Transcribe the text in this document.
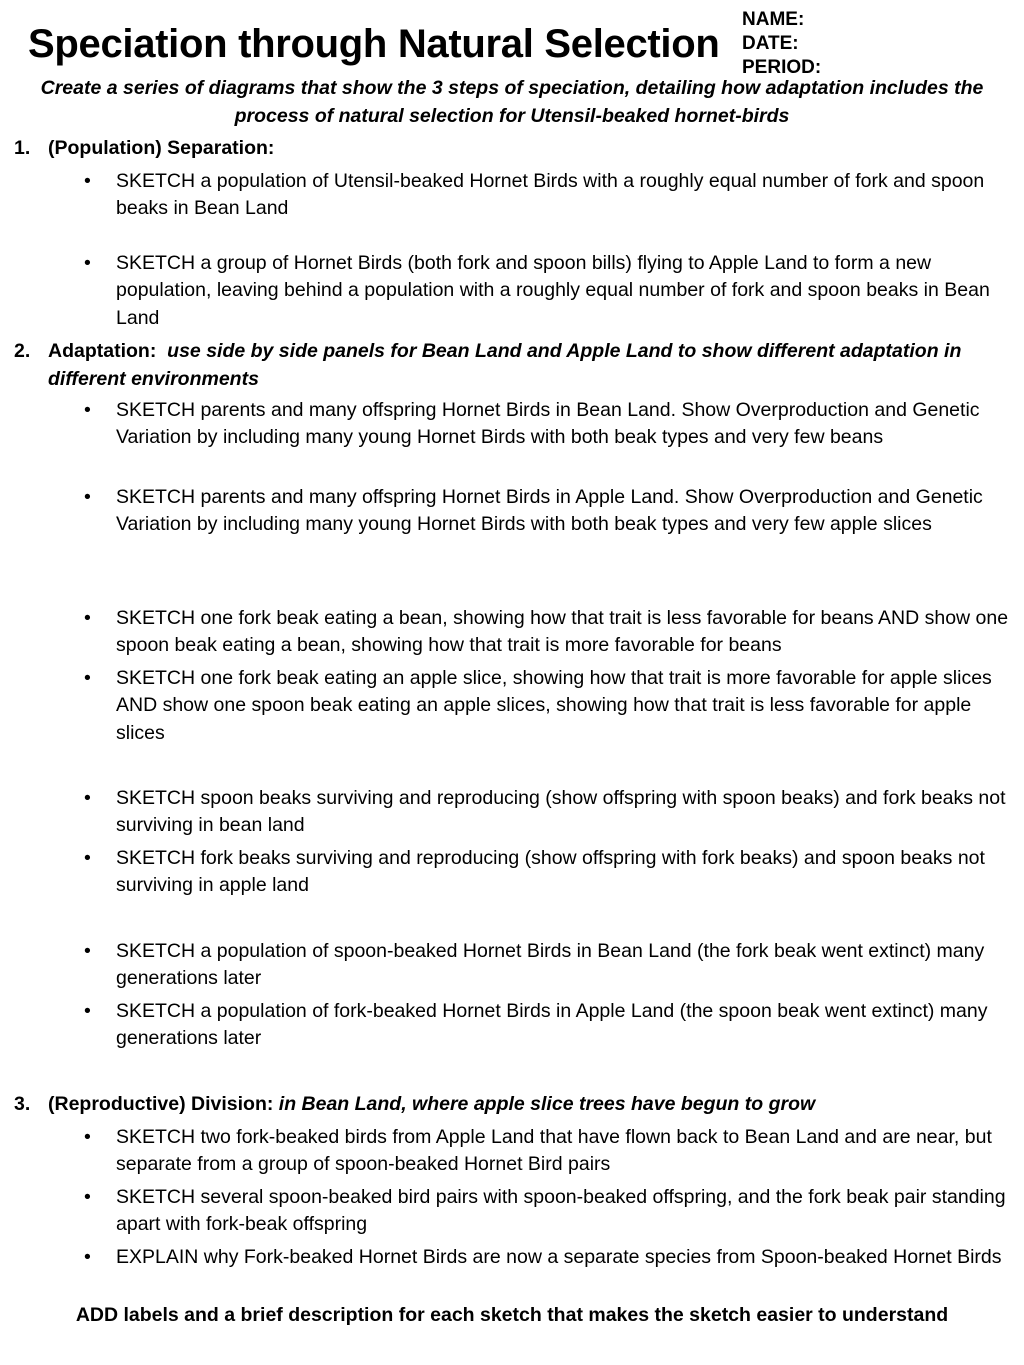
Speciation through Natural Selection
NAME:
DATE:
PERIOD:
Create a series of diagrams that show the 3 steps of speciation, detailing how adaptation includes the process of natural selection for Utensil-beaked hornet-birds
1. (Population) Separation:
• SKETCH a population of Utensil-beaked Hornet Birds with a roughly equal number of fork and spoon beaks in Bean Land
• SKETCH a group of Hornet Birds (both fork and spoon bills) flying to Apple Land to form a new population, leaving behind a population with a roughly equal number of fork and spoon beaks in Bean Land
2. Adaptation: use side by side panels for Bean Land and Apple Land to show different adaptation in different environments
• SKETCH parents and many offspring Hornet Birds in Bean Land. Show Overproduction and Genetic Variation by including many young Hornet Birds with both beak types and very few beans
• SKETCH parents and many offspring Hornet Birds in Apple Land. Show Overproduction and Genetic Variation by including many young Hornet Birds with both beak types and very few apple slices
• SKETCH one fork beak eating a bean, showing how that trait is less favorable for beans AND show one spoon beak eating a bean, showing how that trait is more favorable for beans
• SKETCH one fork beak eating an apple slice, showing how that trait is more favorable for apple slices AND show one spoon beak eating an apple slices, showing how that trait is less favorable for apple slices
• SKETCH spoon beaks surviving and reproducing (show offspring with spoon beaks) and fork beaks not surviving in bean land
• SKETCH fork beaks surviving and reproducing (show offspring with fork beaks) and spoon beaks not surviving in apple land
• SKETCH a population of spoon-beaked Hornet Birds in Bean Land (the fork beak went extinct) many generations later
• SKETCH a population of fork-beaked Hornet Birds in Apple Land (the spoon beak went extinct) many generations later
3. (Reproductive) Division: in Bean Land, where apple slice trees have begun to grow
• SKETCH two fork-beaked birds from Apple Land that have flown back to Bean Land and are near, but separate from a group of spoon-beaked Hornet Bird pairs
• SKETCH several spoon-beaked bird pairs with spoon-beaked offspring, and the fork beak pair standing apart with fork-beak offspring
• EXPLAIN why Fork-beaked Hornet Birds are now a separate species from Spoon-beaked Hornet Birds
ADD labels and a brief description for each sketch that makes the sketch easier to understand
